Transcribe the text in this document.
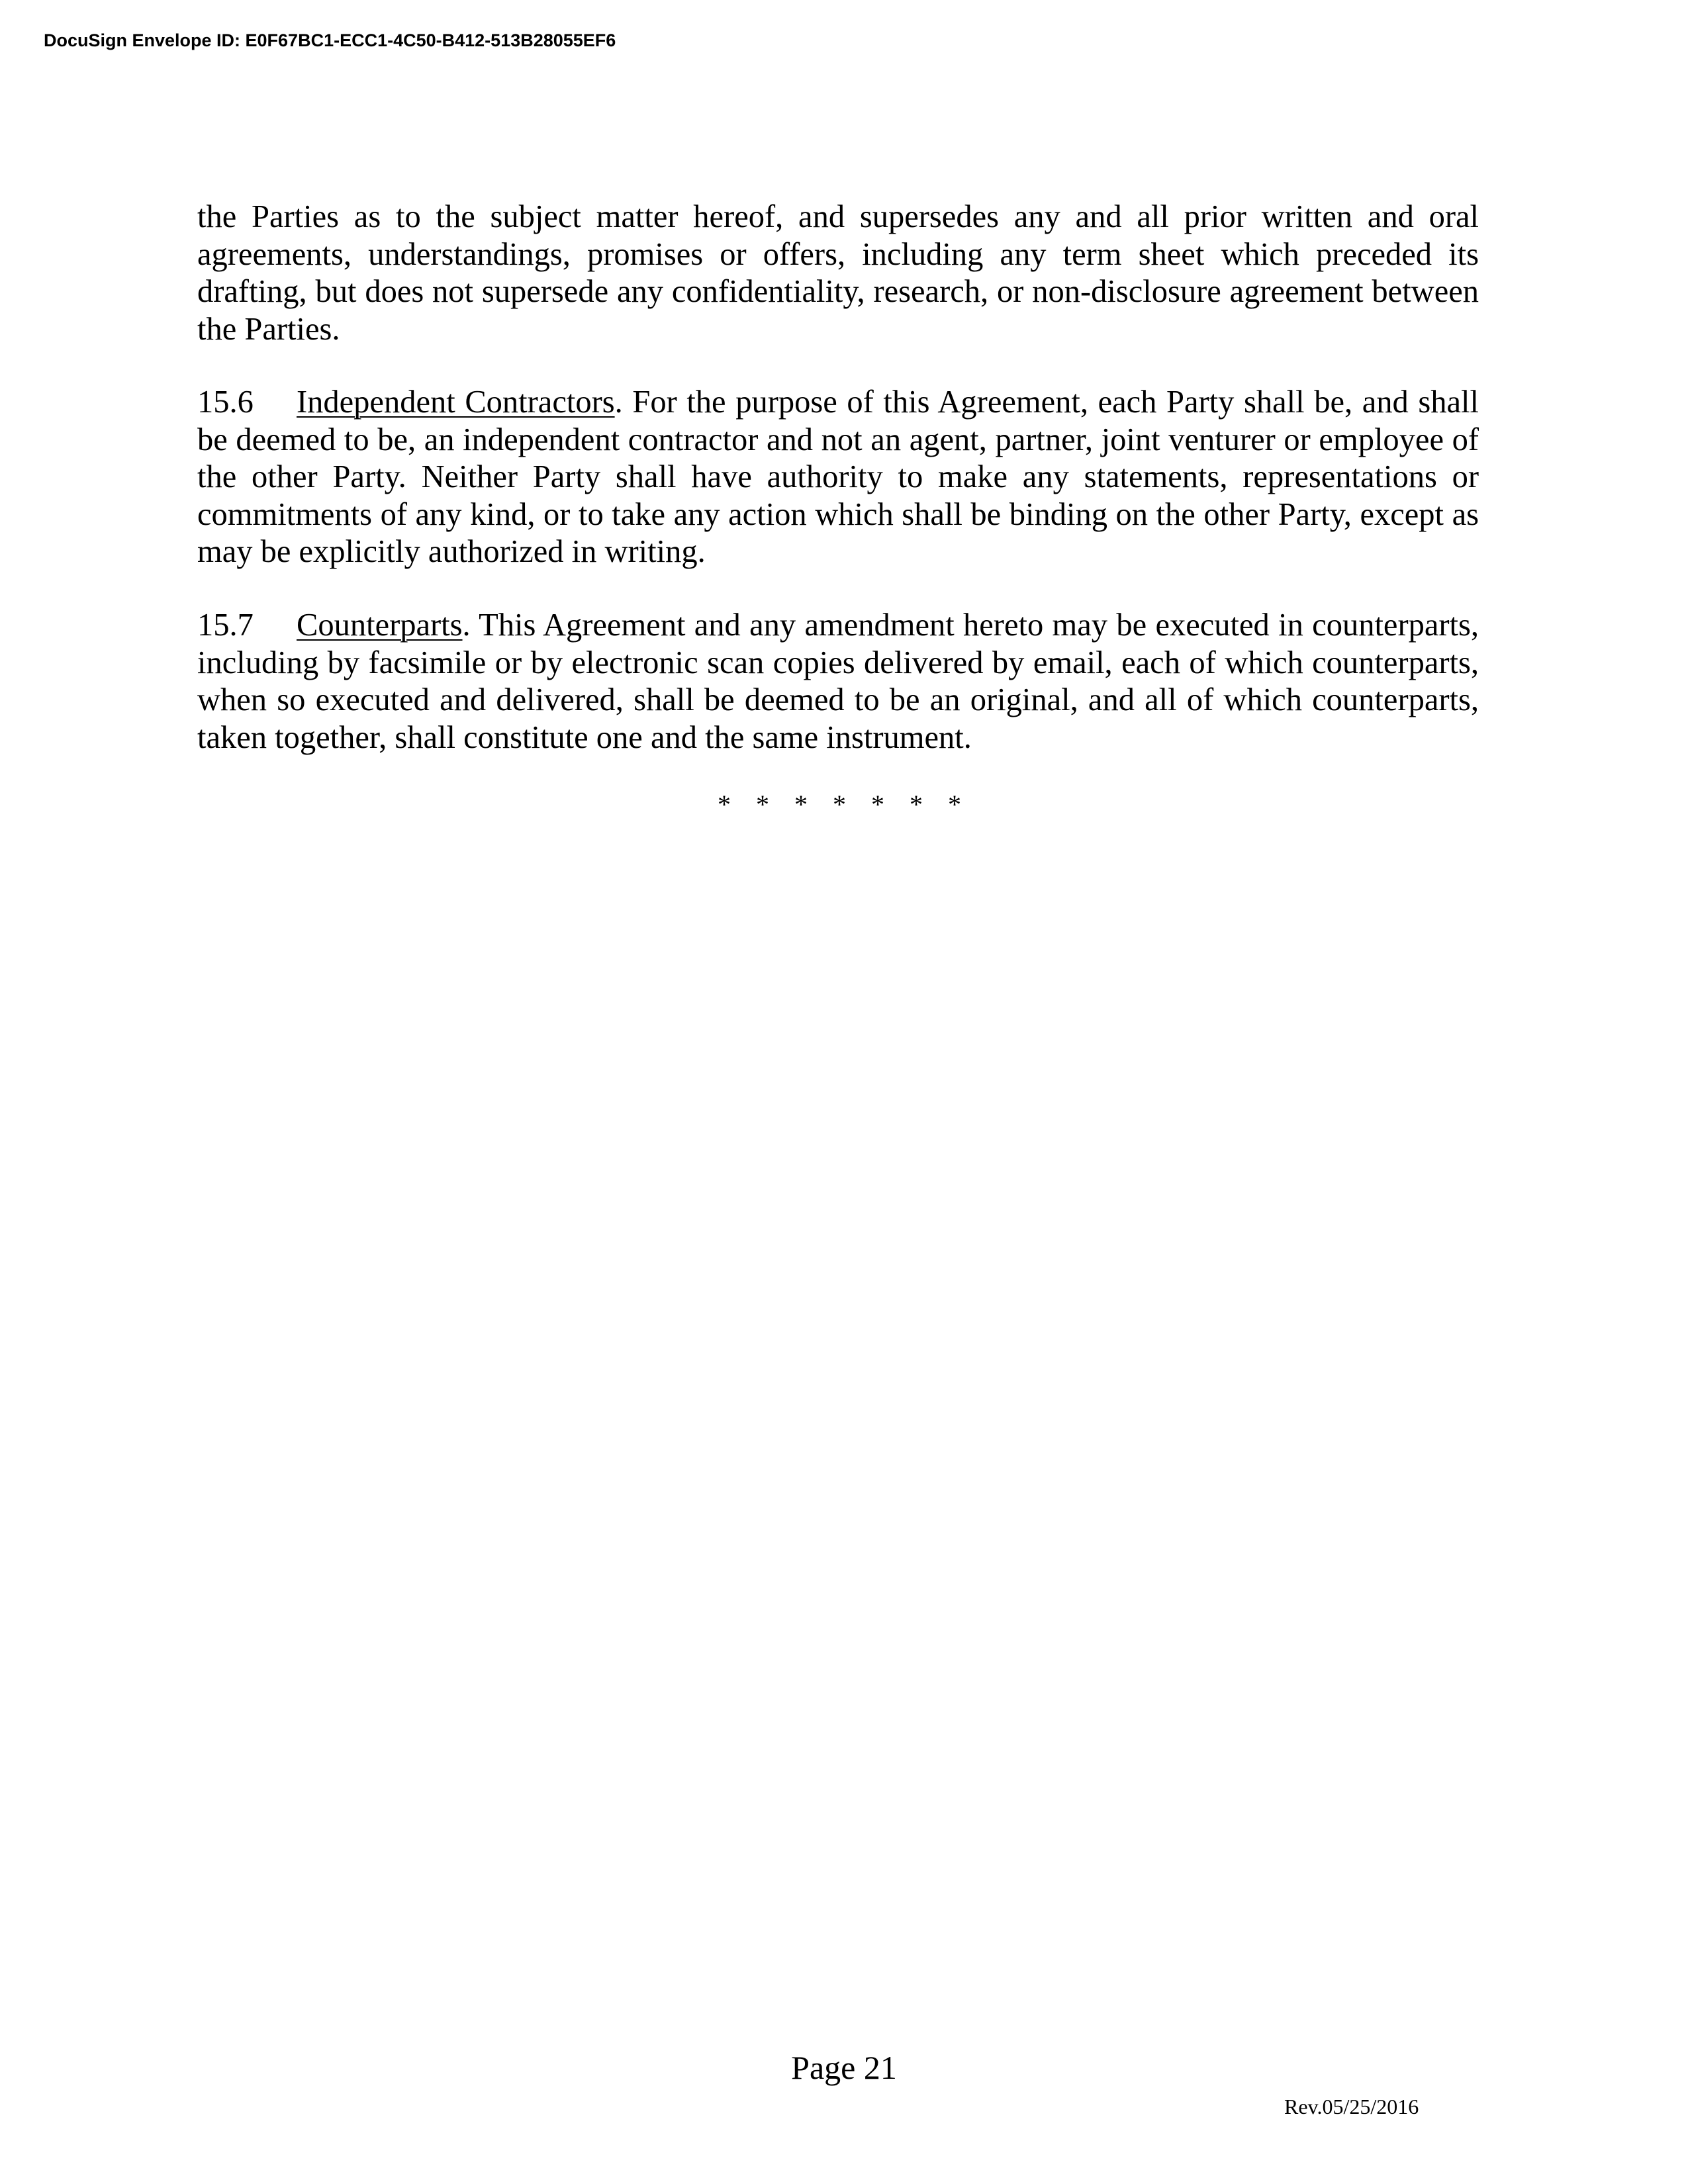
DocuSign Envelope ID: E0F67BC1-ECC1-4C50-B412-513B28055EF6
the Parties as to the subject matter hereof, and supersedes any and all prior written and oral agreements, understandings, promises or offers, including any term sheet which preceded its drafting, but does not supersede any confidentiality, research, or non-disclosure agreement between the Parties.
15.6 Independent Contractors. For the purpose of this Agreement, each Party shall be, and shall be deemed to be, an independent contractor and not an agent, partner, joint venturer or employee of the other Party. Neither Party shall have authority to make any statements, representations or commitments of any kind, or to take any action which shall be binding on the other Party, except as may be explicitly authorized in writing.
15.7 Counterparts. This Agreement and any amendment hereto may be executed in counterparts, including by facsimile or by electronic scan copies delivered by email, each of which counterparts, when so executed and delivered, shall be deemed to be an original, and all of which counterparts, taken together, shall constitute one and the same instrument.
* * * * * * *
Page 21
Rev.05/25/2016
